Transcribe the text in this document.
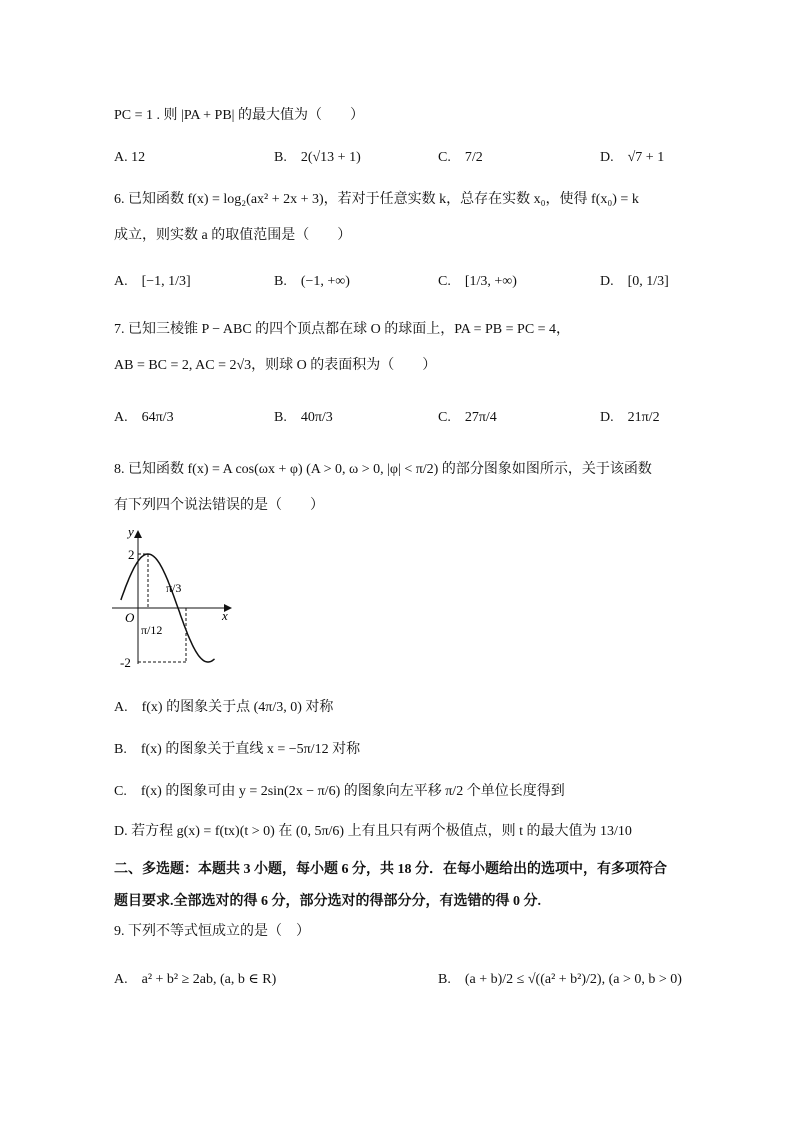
PC = 1 . 则 |PA + PB| 的最大值为（　　）
A. 12	B.　2(√13 + 1)	C.　7/2	D.　√7 + 1
6. 已知函数 f(x) = log₂(ax² + 2x + 3)，若对于任意实数 k，总存在实数 x₀，使得 f(x₀) = k
成立，则实数 a 的取值范围是（　　）
A.　[−1, 1/3]	B.　(−1, +∞)	C.　[1/3, +∞)	D.　[0, 1/3]
7. 已知三棱锥 P − ABC 的四个顶点都在球 O 的球面上，PA = PB = PC = 4，
AB = BC = 2, AC = 2√3，则球 O 的表面积为（　　）
A.　64π/3	B.　40π/3	C.　27π/4	D.　21π/2
8. 已知函数 f(x) = A cos(ωx + φ) (A > 0, ω > 0, |φ| < π/2) 的部分图象如图所示，关于该函数
有下列四个说法错误的是（　　）
y
x
O
2
-2
π/12
π/3
A.　f(x) 的图象关于点 (4π/3, 0) 对称
B.　f(x) 的图象关于直线 x = −5π/12 对称
C.　f(x) 的图象可由 y = 2sin(2x − π/6) 的图象向左平移 π/2 个单位长度得到
D. 若方程 g(x) = f(tx)(t > 0) 在 (0, 5π/6) 上有且只有两个极值点，则 t 的最大值为 13/10
二、多选题：本题共 3 小题，每小题 6 分，共 18 分．在每小题给出的选项中，有多项符合
题目要求.全部选对的得 6 分，部分选对的得部分分，有选错的得 0 分.
9. 下列不等式恒成立的是（　）
A.　a² + b² ≥ 2ab, (a, b ∈ R)	B.　(a + b)/2 ≤ √((a² + b²)/2), (a > 0, b > 0)
